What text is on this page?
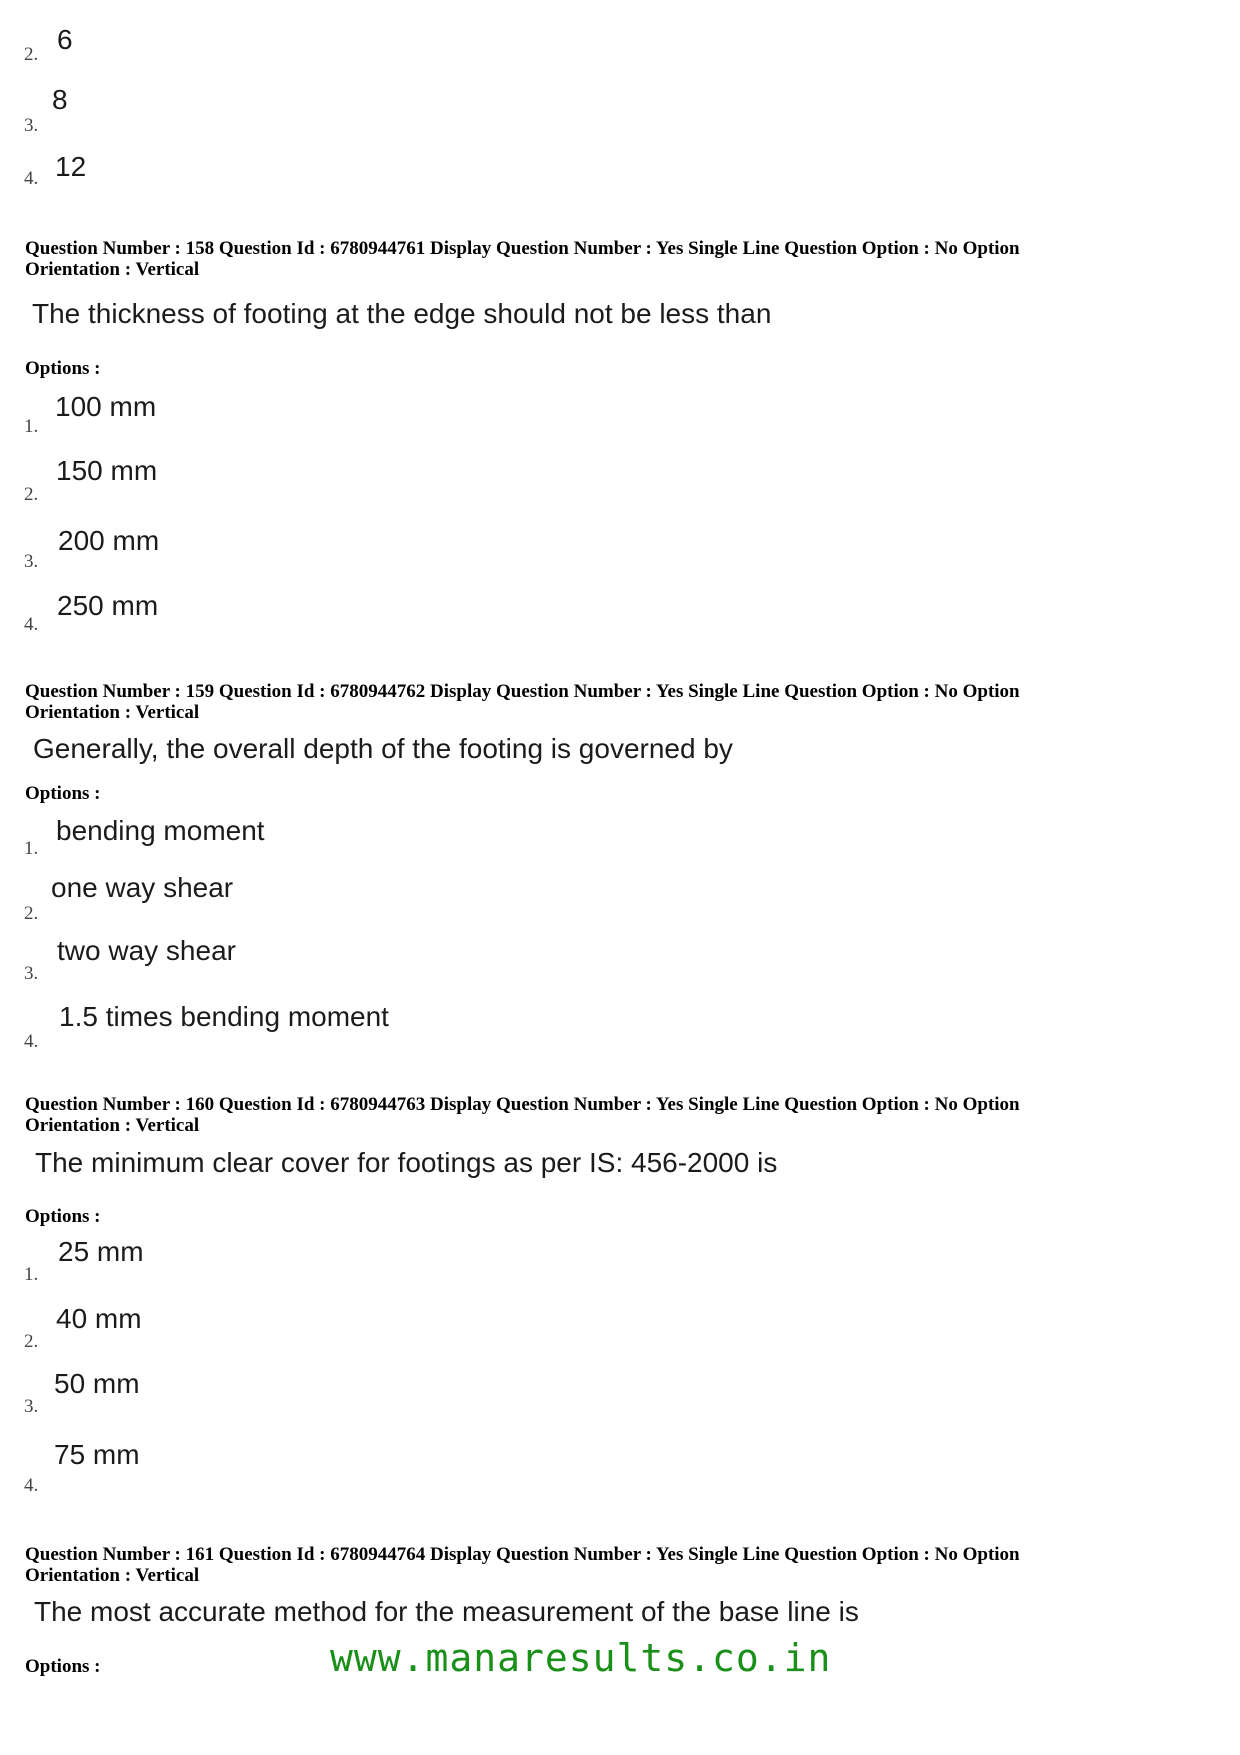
6
2.
8
3.
12
4.
Question Number : 158 Question Id : 6780944761 Display Question Number : Yes Single Line Question Option : No Option
Orientation : Vertical
The thickness of footing at the edge should not be less than
Options :
100 mm
1.
150 mm
2.
200 mm
3.
250 mm
4.
Question Number : 159 Question Id : 6780944762 Display Question Number : Yes Single Line Question Option : No Option
Orientation : Vertical
Generally, the overall depth of the footing is governed by
Options :
bending moment
1.
one way shear
2.
two way shear
3.
1.5 times bending moment
4.
Question Number : 160 Question Id : 6780944763 Display Question Number : Yes Single Line Question Option : No Option
Orientation : Vertical
The minimum clear cover for footings as per IS: 456-2000 is
Options :
25 mm
1.
40 mm
2.
50 mm
3.
75 mm
4.
Question Number : 161 Question Id : 6780944764 Display Question Number : Yes Single Line Question Option : No Option
Orientation : Vertical
The most accurate method for the measurement of the base line is
Options :	www.manaresults.co.in
